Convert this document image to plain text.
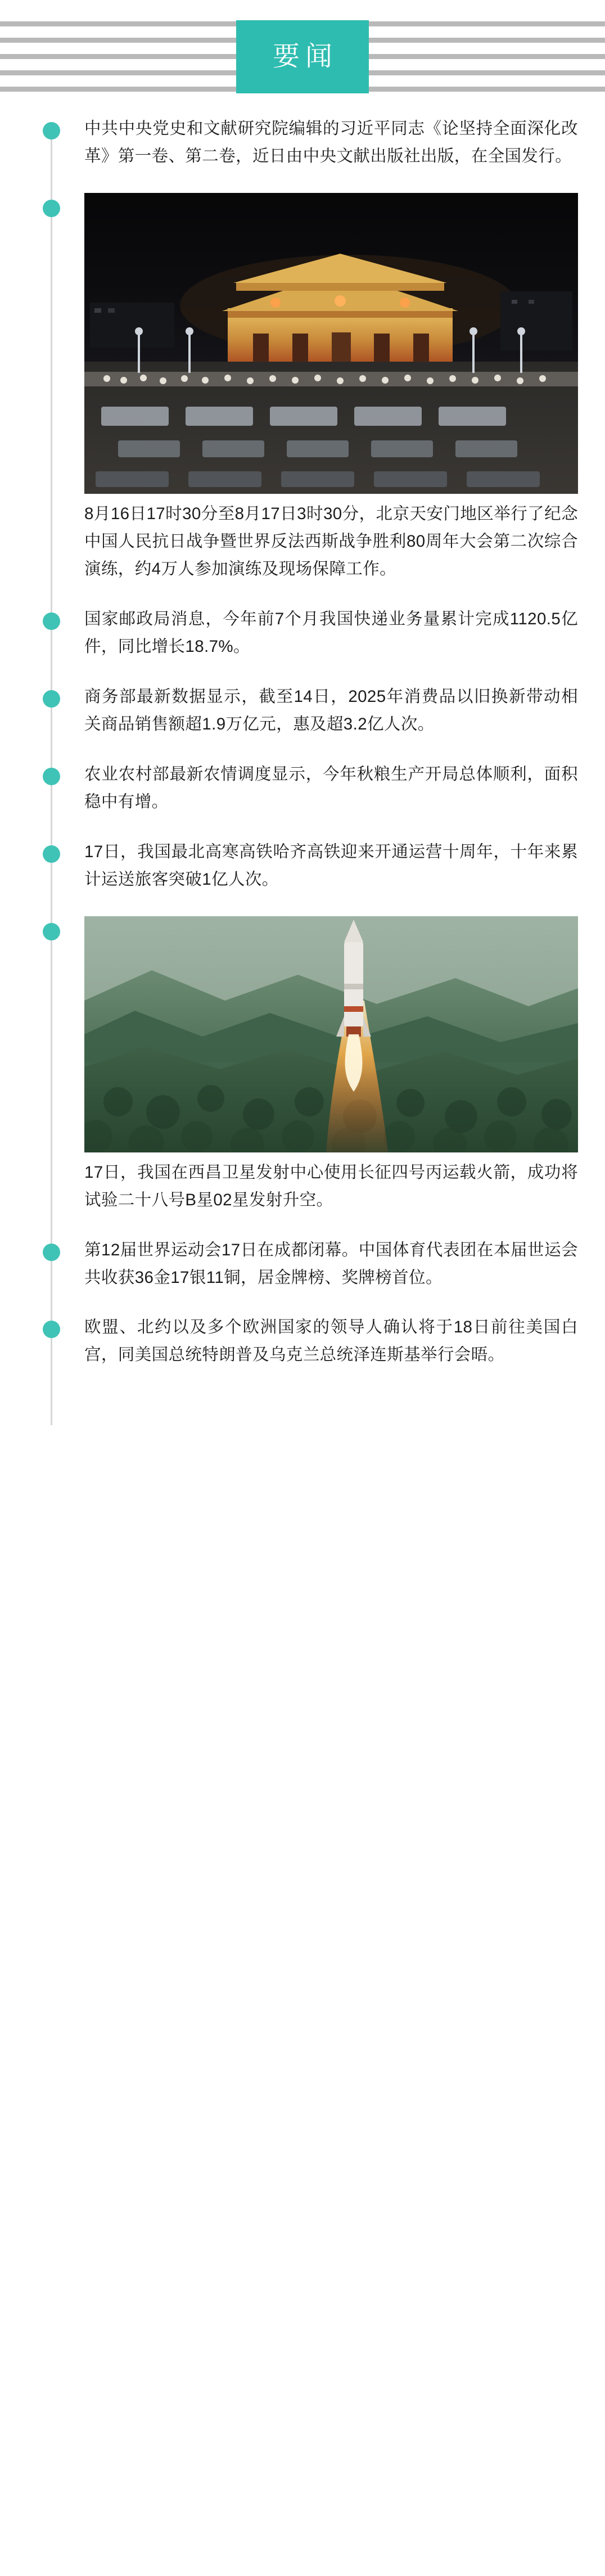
要闻

中共中央党史和文献研究院编辑的习近平同志《论坚持全面深化改革》第一卷、第二卷，近日由中央文献出版社出版，在全国发行。

8月16日17时30分至8月17日3时30分，北京天安门地区举行了纪念中国人民抗日战争暨世界反法西斯战争胜利80周年大会第二次综合演练，约4万人参加演练及现场保障工作。

国家邮政局消息，今年前7个月我国快递业务量累计完成1120.5亿件，同比增长18.7%。

商务部最新数据显示，截至14日，2025年消费品以旧换新带动相关商品销售额超1.9万亿元，惠及超3.2亿人次。

农业农村部最新农情调度显示，今年秋粮生产开局总体顺利，面积稳中有增。

17日，我国最北高寒高铁哈齐高铁迎来开通运营十周年，十年来累计运送旅客突破1亿人次。

17日，我国在西昌卫星发射中心使用长征四号丙运载火箭，成功将试验二十八号B星02星发射升空。

第12届世界运动会17日在成都闭幕。中国体育代表团在本届世运会共收获36金17银11铜，居金牌榜、奖牌榜首位。

欧盟、北约以及多个欧洲国家的领导人确认将于18日前往美国白宫，同美国总统特朗普及乌克兰总统泽连斯基举行会晤。
